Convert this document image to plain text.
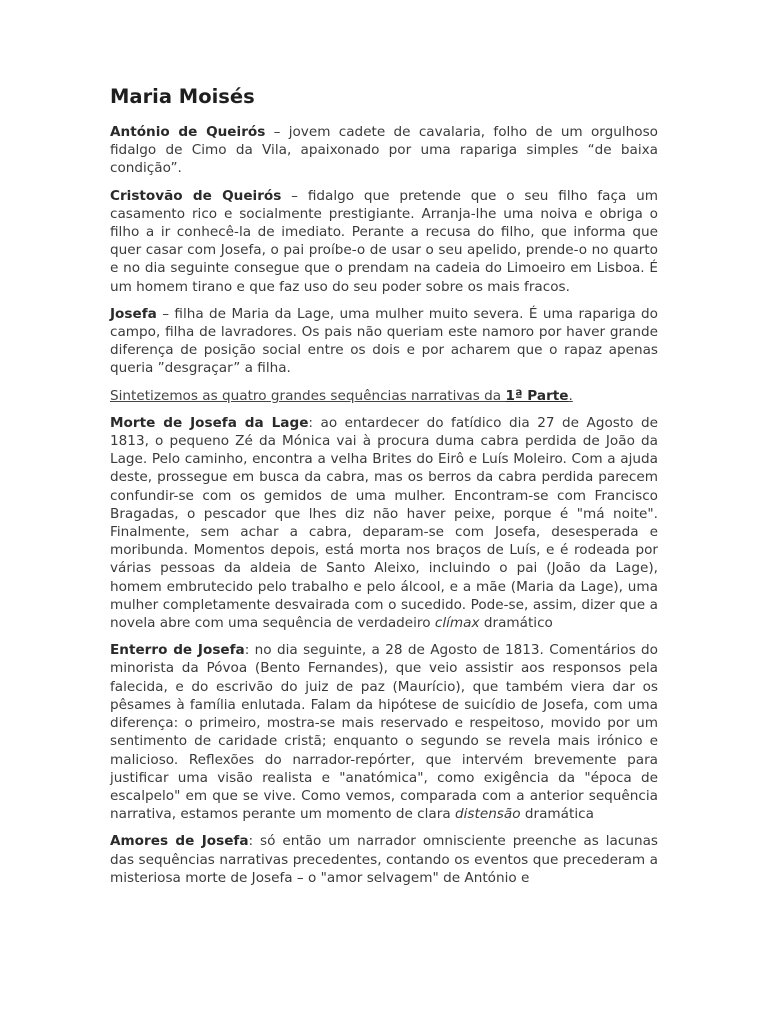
Maria Moisés

António de Queirós – jovem cadete de cavalaria, folho de um orgulhoso fidalgo de Cimo da Vila, apaixonado por uma rapariga simples “de baixa condição”.

Cristovão de Queirós – fidalgo que pretende que o seu filho faça um casamento rico e socialmente prestigiante. Arranja-lhe uma noiva e obriga o filho a ir conhecê-la de imediato. Perante a recusa do filho, que informa que quer casar com Josefa, o pai proíbe-o de usar o seu apelido, prende-o no quarto e no dia seguinte consegue que o prendam na cadeia do Limoeiro em Lisboa. É um homem tirano e que faz uso do seu poder sobre os mais fracos.

Josefa – filha de Maria da Lage, uma mulher muito severa. É uma rapariga do campo, filha de lavradores. Os pais não queriam este namoro por haver grande diferença de posição social entre os dois e por acharem que o rapaz apenas queria ”desgraçar” a filha.

Sintetizemos as quatro grandes sequências narrativas da 1ª Parte.

Morte de Josefa da Lage: ao entardecer do fatídico dia 27 de Agosto de 1813, o pequeno Zé da Mónica vai à procura duma cabra perdida de João da Lage. Pelo caminho, encontra a velha Brites do Eirô e Luís Moleiro. Com a ajuda deste, prossegue em busca da cabra, mas os berros da cabra perdida parecem confundir-se com os gemidos de uma mulher. Encontram-se com Francisco Bragadas, o pescador que lhes diz não haver peixe, porque é "má noite". Finalmente, sem achar a cabra, deparam-se com Josefa, desesperada e moribunda. Momentos depois, está morta nos braços de Luís, e é rodeada por várias pessoas da aldeia de Santo Aleixo, incluindo o pai (João da Lage), homem embrutecido pelo trabalho e pelo álcool, e a mãe (Maria da Lage), uma mulher completamente desvairada com o sucedido. Pode-se, assim, dizer que a novela abre com uma sequência de verdadeiro clímax dramático

Enterro de Josefa: no dia seguinte, a 28 de Agosto de 1813. Comentários do minorista da Póvoa (Bento Fernandes), que veio assistir aos responsos pela falecida, e do escrivão do juiz de paz (Maurício), que também viera dar os pêsames à família enlutada. Falam da hipótese de suicídio de Josefa, com uma diferença: o primeiro, mostra-se mais reservado e respeitoso, movido por um sentimento de caridade cristã; enquanto o segundo se revela mais irónico e malicioso. Reflexões do narrador-repórter, que intervém brevemente para justificar uma visão realista e "anatómica", como exigência da "época de escalpelo" em que se vive. Como vemos, comparada com a anterior sequência narrativa, estamos perante um momento de clara distensão dramática

Amores de Josefa: só então um narrador omnisciente preenche as lacunas das sequências narrativas precedentes, contando os eventos que precederam a misteriosa morte de Josefa – o "amor selvagem" de António e
